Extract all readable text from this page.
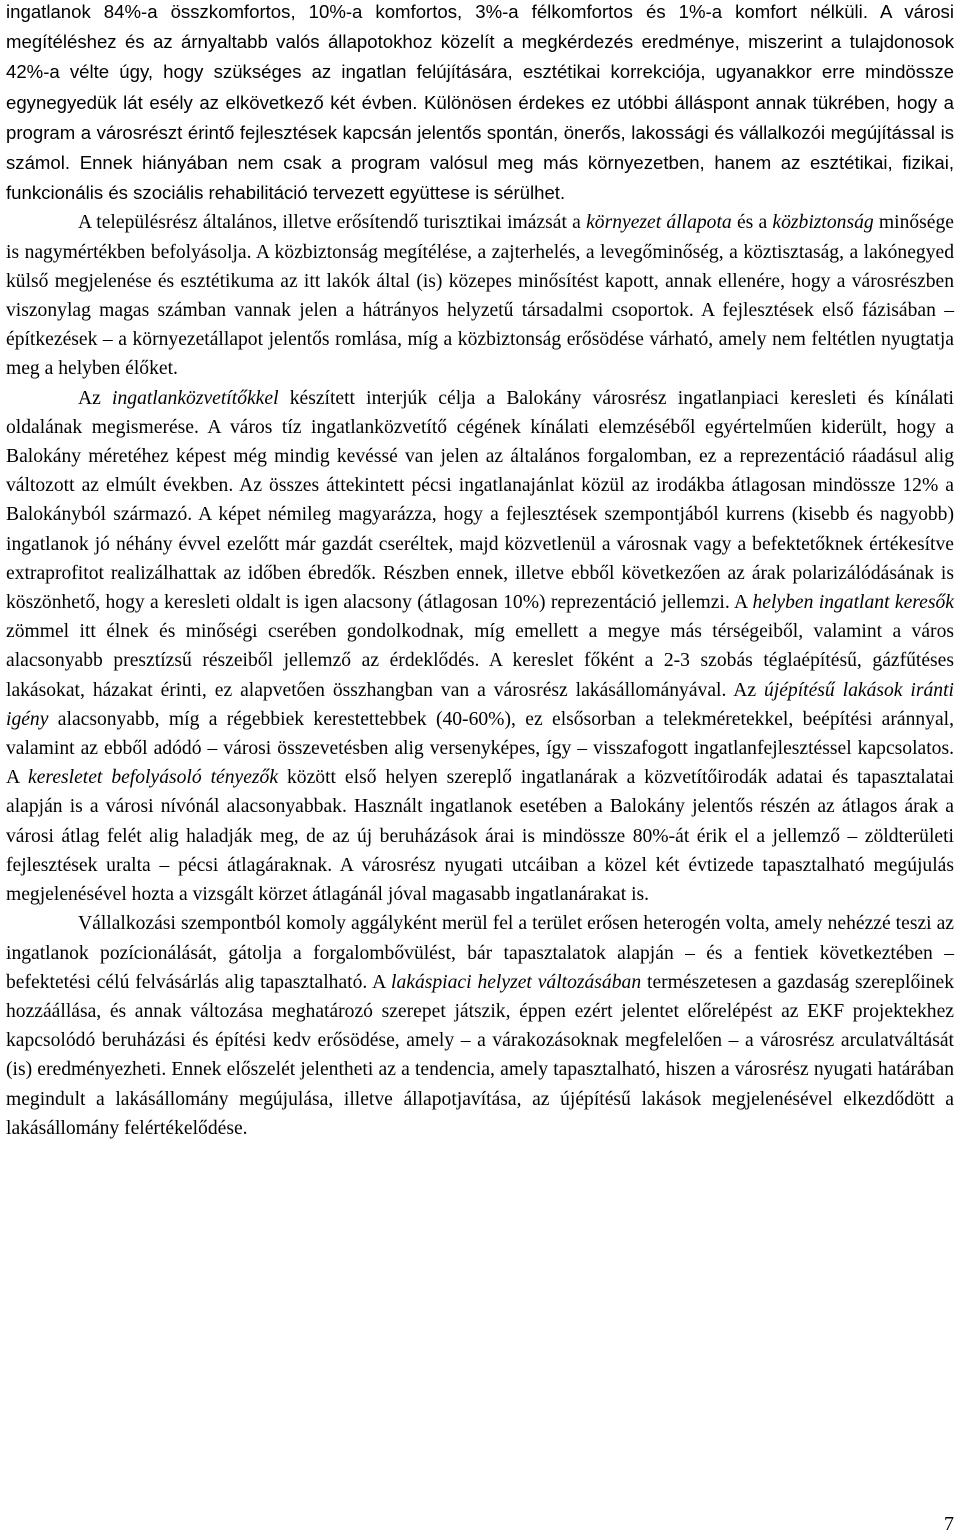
ingatlanok 84%-a összkomfortos, 10%-a komfortos, 3%-a félkomfortos és 1%-a komfort nélküli. A városi megítéléshez és az árnyaltabb valós állapotokhoz közelít a megkérdezés eredménye, miszerint a tulajdonosok 42%-a vélte úgy, hogy szükséges az ingatlan felújítására, esztétikai korrekciója, ugyanakkor erre mindössze egynegyedük lát esély az elkövetkező két évben. Különösen érdekes ez utóbbi álláspont annak tükrében, hogy a program a városrészt érintő fejlesztések kapcsán jelentős spontán, önerős, lakossági és vállalkozói megújítással is számol. Ennek hiányában nem csak a program valósul meg más környezetben, hanem az esztétikai, fizikai, funkcionális és szociális rehabilitáció tervezett együttese is sérülhet.

A településrész általános, illetve erősítendő turisztikai imázsát a környezet állapota és a közbiztonság minősége is nagymértékben befolyásolja. A közbiztonság megítélése, a zajterhelés, a levegőminőség, a köztisztaság, a lakónegyed külső megjelenése és esztétikuma az itt lakók által (is) közepes minősítést kapott, annak ellenére, hogy a városrészben viszonylag magas számban vannak jelen a hátrányos helyzetű társadalmi csoportok. A fejlesztések első fázisában – építkezések – a környezetállapot jelentős romlása, míg a közbiztonság erősödése várható, amely nem feltétlen nyugtatja meg a helyben élőket.

Az ingatlanközvetítőkkel készített interjúk célja a Balokány városrész ingatlanpiaci keresleti és kínálati oldalának megismerése. A város tíz ingatlanközvetítő cégének kínálati elemzéséből egyértelműen kiderült, hogy a Balokány méretéhez képest még mindig kevéssé van jelen az általános forgalomban, ez a reprezentáció ráadásul alig változott az elmúlt években. Az összes áttekintett pécsi ingatlanajánlat közül az irodákba átlagosan mindössze 12% a Balokányból származó. A képet némileg magyarázza, hogy a fejlesztések szempontjából kurrens (kisebb és nagyobb) ingatlanok jó néhány évvel ezelőtt már gazdát cseréltek, majd közvetlenül a városnak vagy a befektetőknek értékesítve extraprofitot realizálhattak az időben ébredők. Részben ennek, illetve ebből következően az árak polarizálódásának is köszönhető, hogy a keresleti oldalt is igen alacsony (átlagosan 10%) reprezentáció jellemzi. A helyben ingatlant keresők zömmel itt élnek és minőségi cserében gondolkodnak, míg emellett a megye más térségeiből, valamint a város alacsonyabb presztízsű részeiből jellemző az érdeklődés. A kereslet főként a 2-3 szobás téglaépítésű, gázfűtéses lakásokat, házakat érinti, ez alapvetően összhangban van a városrész lakásállományával. Az újépítésű lakások iránti igény alacsonyabb, míg a régebbiek kerestettebbek (40-60%), ez elsősorban a telekméretekkel, beépítési aránnyal, valamint az ebből adódó – városi összevetésben alig versenyképes, így – visszafogott ingatlanfejlesztéssel kapcsolatos. A keresletet befolyásoló tényezők között első helyen szereplő ingatlanárak a közvetítőirodák adatai és tapasztalatai alapján is a városi nívónál alacsonyabbak. Használt ingatlanok esetében a Balokány jelentős részén az átlagos árak a városi átlag felét alig haladják meg, de az új beruházások árai is mindössze 80%-át érik el a jellemző – zöldterületi fejlesztések uralta – pécsi átlagáraknak. A városrész nyugati utcáiban a közel két évtizede tapasztalható megújulás megjelenésével hozta a vizsgált körzet átlagánál jóval magasabb ingatlanárakat is.

Vállalkozási szempontból komoly aggályként merül fel a terület erősen heterogén volta, amely nehézzé teszi az ingatlanok pozícionálását, gátolja a forgalombővülést, bár tapasztalatok alapján – és a fentiek következtében – befektetési célú felvásárlás alig tapasztalható. A lakáspiaci helyzet változásában természetesen a gazdaság szereplőinek hozzáállása, és annak változása meghatározó szerepet játszik, éppen ezért jelentet előrelépést az EKF projektekhez kapcsolódó beruházási és építési kedv erősödése, amely – a várakozásoknak megfelelően – a városrész arculatváltását (is) eredményezheti. Ennek előszelét jelentheti az a tendencia, amely tapasztalható, hiszen a városrész nyugati határában megindult a lakásállomány megújulása, illetve állapotjavítása, az újépítésű lakások megjelenésével elkezdődött a lakásállomány felértékelődése.

7
